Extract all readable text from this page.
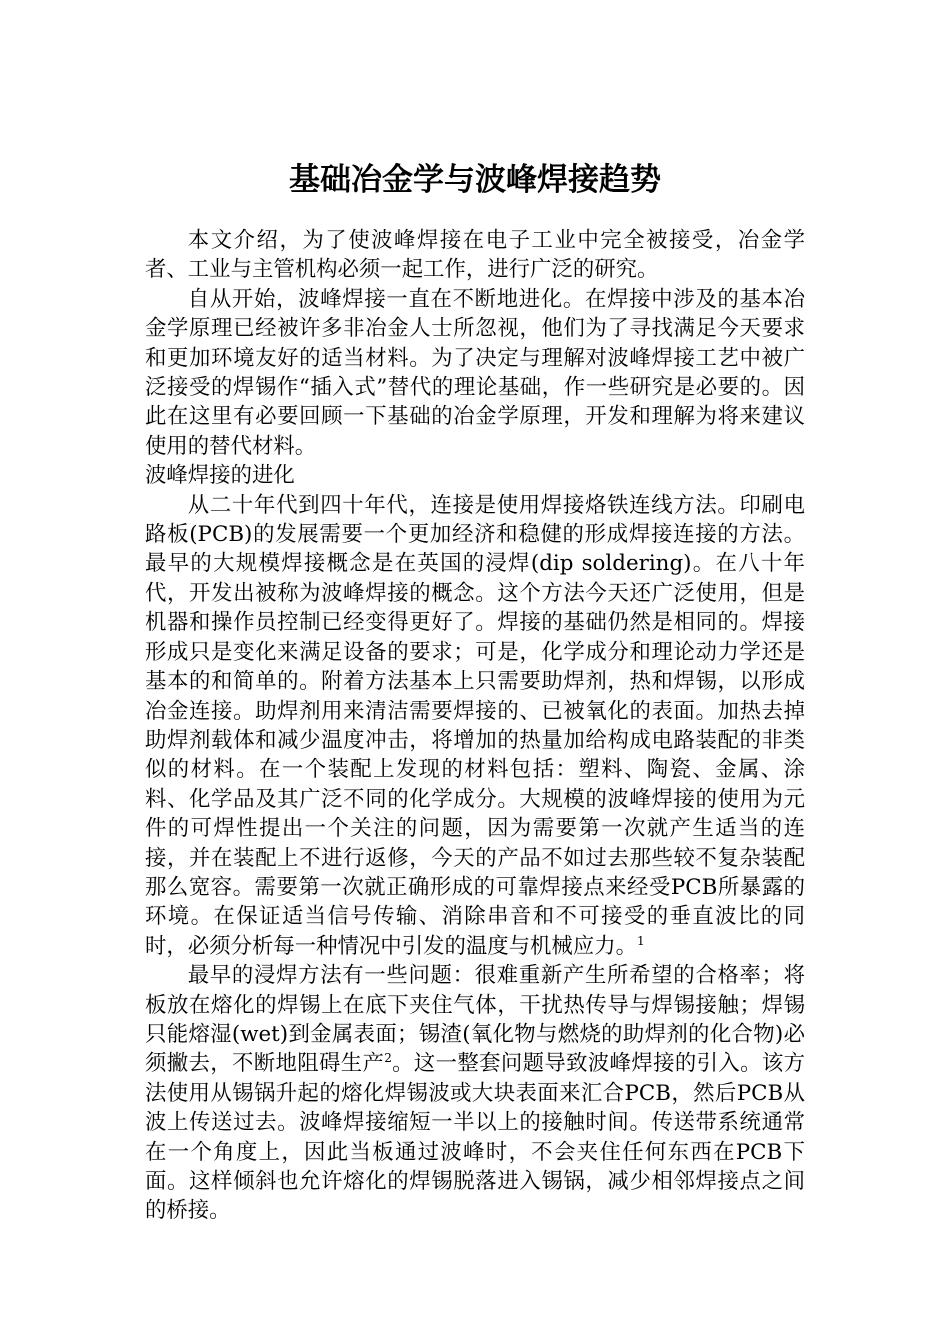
基础冶金学与波峰焊接趋势

本文介绍，为了使波峰焊接在电子工业中完全被接受，冶金学者、工业与主管机构必须一起工作，进行广泛的研究。

自从开始，波峰焊接一直在不断地进化。在焊接中涉及的基本冶金学原理已经被许多非冶金人士所忽视，他们为了寻找满足今天要求和更加环境友好的适当材料。为了决定与理解对波峰焊接工艺中被广泛接受的焊锡作“插入式”替代的理论基础，作一些研究是必要的。因此在这里有必要回顾一下基础的冶金学原理，开发和理解为将来建议使用的替代材料。

波峰焊接的进化

从二十年代到四十年代，连接是使用焊接烙铁连线方法。印刷电路板(PCB)的发展需要一个更加经济和稳健的形成焊接连接的方法。最早的大规模焊接概念是在英国的浸焊(dip soldering)。在八十年代，开发出被称为波峰焊接的概念。这个方法今天还广泛使用，但是机器和操作员控制已经变得更好了。焊接的基础仍然是相同的。焊接形成只是变化来满足设备的要求；可是，化学成分和理论动力学还是基本的和简单的。附着方法基本上只需要助焊剂，热和焊锡，以形成冶金连接。助焊剂用来清洁需要焊接的、已被氧化的表面。加热去掉助焊剂载体和减少温度冲击，将增加的热量加给构成电路装配的非类似的材料。在一个装配上发现的材料包括：塑料、陶瓷、金属、涂料、化学品及其广泛不同的化学成分。大规模的波峰焊接的使用为元件的可焊性提出一个关注的问题，因为需要第一次就产生适当的连接，并在装配上不进行返修，今天的产品不如过去那些较不复杂装配那么宽容。需要第一次就正确形成的可靠焊接点来经受PCB所暴露的环境。在保证适当信号传输、消除串音和不可接受的垂直波比的同时，必须分析每一种情况中引发的温度与机械应力。$^1$

最早的浸焊方法有一些问题：很难重新产生所希望的合格率；将板放在熔化的焊锡上在底下夹住气体，干扰热传导与焊锡接触；焊锡只能熔湿(wet)到金属表面；锡渣(氧化物与燃烧的助焊剂的化合物)必须撇去，不断地阻碍生产$^2$。这一整套问题导致波峰焊接的引入。该方法使用从锡锅升起的熔化焊锡波或大块表面来汇合PCB，然后PCB从波上传送过去。波峰焊接缩短一半以上的接触时间。传送带系统通常在一个角度上，因此当板通过波峰时，不会夹住任何东西在PCB下面。这样倾斜也允许熔化的焊锡脱落进入锡锅，减少相邻焊接点之间的桥接。
